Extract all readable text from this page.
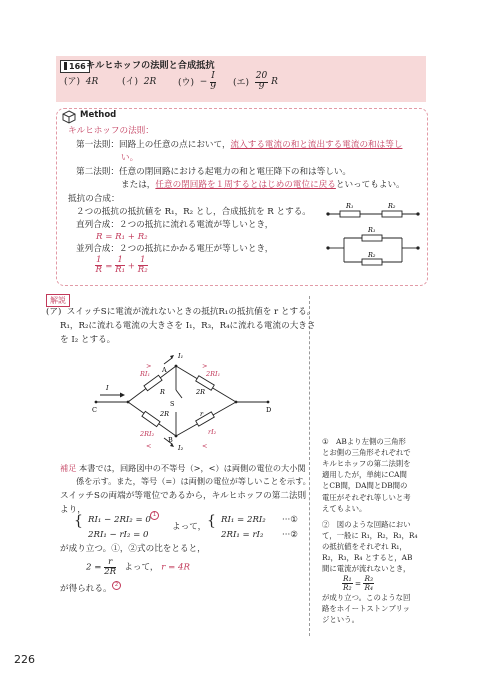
166 キルヒホッフの法則と合成抵抗
(ア) 4R	(イ) 2R (ウ) − $\frac{I}{9}$ (エ) $\frac{20}{9}$ R
Method
キルヒホッフの法則：
第一法則：回路上の任意の点において，流入する電流の和と流出する電流の和は等し
い。
第二法則：任意の閉回路における起電力の和と電圧降下の和は等しい。
または，任意の閉回路を１周するとはじめの電位に戻るといってもよい。
抵抗の合成：
２つの抵抗の抵抗値を R₁，R₂ とし，合成抵抗を R とする。
直列合成：２つの抵抗に流れる電流が等しいとき，
R = R₁ + R₂
並列合成：２つの抵抗にかかる電圧が等しいとき，
$\frac{1}{R} = \frac{1}{\text{R₁}} + \frac{1}{\text{R₂}}$
R₁	R₂
R₁
R₂
解説
(ア) スイッチSに電流が流れないときの抵抗R₁の抵抗値を r とする。
R₁，R₂に流れる電流の大きさを I₁，R₃，R₄に流れる電流の大きさ
を I₂ とする。
I
I₁
I₂
A
B
C	D
R
RI₁
2R
2RI₁
2R
2RI₂
r
rI₂
S
>	>
<	<
補足 本書では，回路図中の不等号（>，<）は両側の電位の大小関
係を示す。また，等号（=）は両側の電位が等しいことを示す。
スイッチSの両端が等電位であるから，キルヒホッフの第二法則
より，
{ RI₁ − 2RI₂ = 0
2RI₁ − rI₂ = 0
1
よって， { RI₁ = 2RI₂
2RI₁ = rI₂
···①
···②
が成り立つ。①，②式の比をとると，
$2 = \frac{r}{2R}$ よって， r = 4R
が得られる。 2
①　ABより左側の三角形
とお側の三角形それぞれで
キルヒホッフの第二法則を
適用したが，単純にCA間
とCB間，DA間とDB間の
電圧がそれぞれ等しいと考
えてもよい。
②　図のような回路におい
て，一般に R₁，R₂，R₃，R₄
の抵抗値をそれぞれ R₁，
R₂，R₃，R₄ とすると，AB
間に電流が流れないとき，
$\frac{\text{R₁}}{\text{R₂}} = \frac{\text{R₃}}{\text{R₄}}$
が成り立つ。このような回
路をホイートストンブリッ
ジという。
226
